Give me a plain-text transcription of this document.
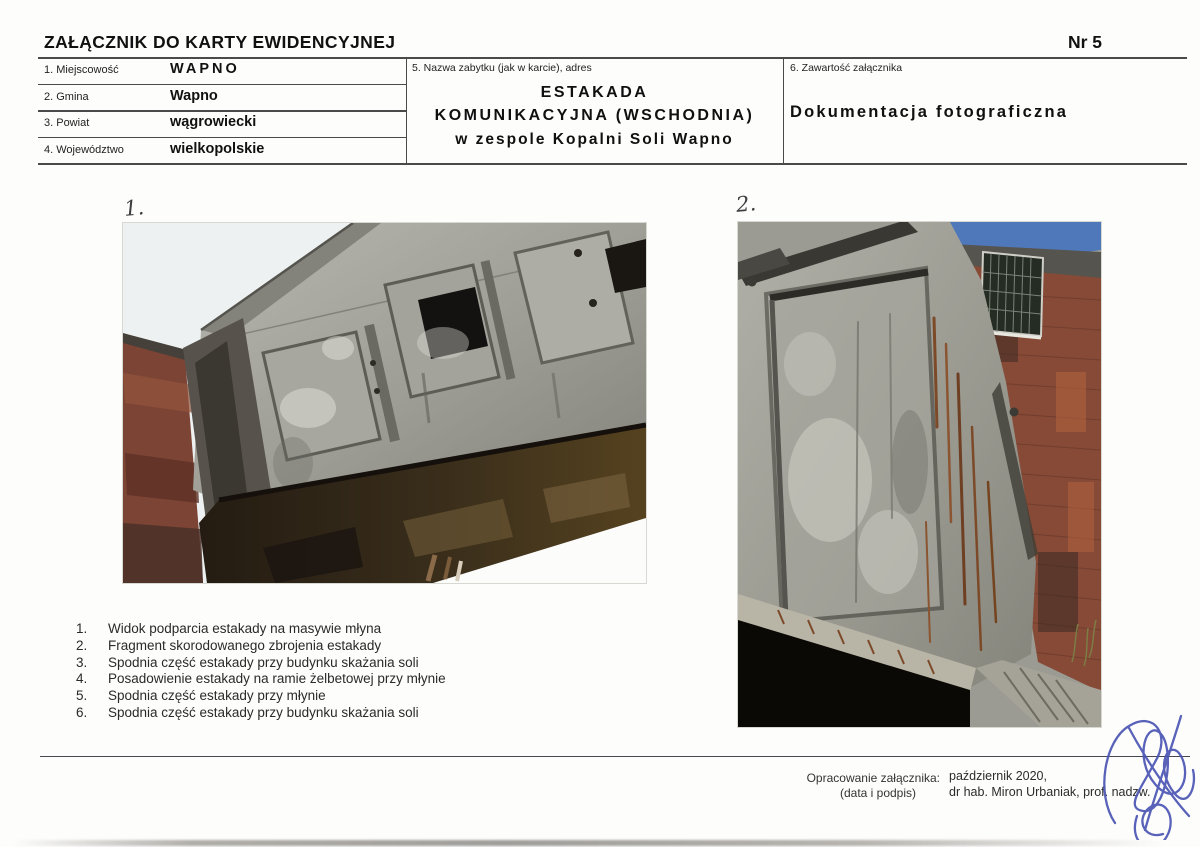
ZAŁĄCZNIK DO KARTY EWIDENCYJNEJ	Nr 5
1. Miejscowość	WAPNO
2. Gmina	Wapno
3. Powiat	wągrowiecki
4. Województwo	wielkopolskie
5. Nazwa zabytku (jak w karcie), adres
ESTAKADA
KOMUNIKACYJNA (WSCHODNIA)
w zespole Kopalni Soli Wapno
6. Zawartość załącznika
Dokumentacja fotograficzna
1.	2.
1.	Widok podparcia estakady na masywie młyna
2.	Fragment skorodowanego zbrojenia estakady
3.	Spodnia część estakady przy budynku skażania soli
4.	Posadowienie estakady na ramie żelbetowej przy młynie
5.	Spodnia część estakady przy młynie
6.	Spodnia część estakady przy budynku skażania soli
Opracowanie załącznika:
(data i podpis)
październik 2020,
dr hab. Miron Urbaniak, prof. nadzw.
